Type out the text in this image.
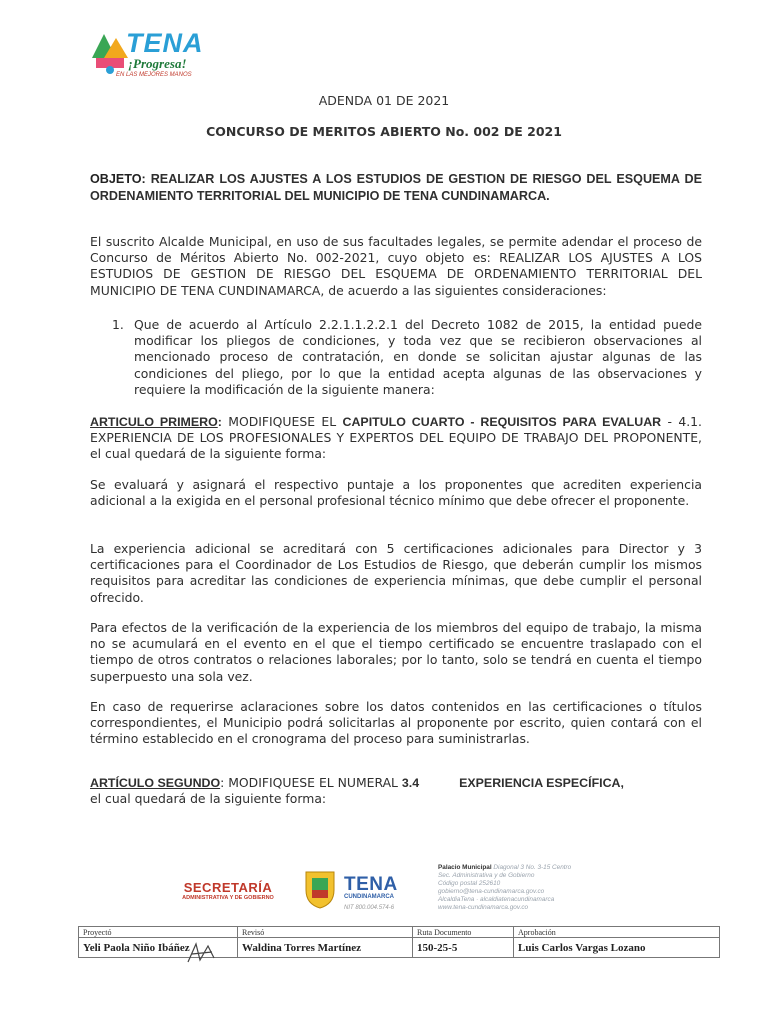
TENA
¡Progresa!
EN LAS MEJORES MANOS
ADENDA 01 DE 2021
CONCURSO DE MERITOS ABIERTO No. 002 DE 2021
OBJETO: REALIZAR LOS AJUSTES A LOS ESTUDIOS DE GESTION DE RIESGO DEL ESQUEMA DE ORDENAMIENTO TERRITORIAL DEL MUNICIPIO DE TENA CUNDINAMARCA.
El suscrito Alcalde Municipal, en uso de sus facultades legales, se permite adendar el proceso de Concurso de Méritos Abierto No. 002-2021, cuyo objeto es: REALIZAR LOS AJUSTES A LOS ESTUDIOS DE GESTION DE RIESGO DEL ESQUEMA DE ORDENAMIENTO TERRITORIAL DEL MUNICIPIO DE TENA CUNDINAMARCA, de acuerdo a las siguientes consideraciones:
1. Que de acuerdo al Artículo 2.2.1.1.2.2.1 del Decreto 1082 de 2015, la entidad puede modificar los pliegos de condiciones, y toda vez que se recibieron observaciones al mencionado proceso de contratación, en donde se solicitan ajustar algunas de las condiciones del pliego, por lo que la entidad acepta algunas de las observaciones y requiere la modificación de la siguiente manera:
ARTICULO PRIMERO: MODIFIQUESE EL CAPITULO CUARTO - REQUISITOS PARA EVALUAR - 4.1. EXPERIENCIA DE LOS PROFESIONALES Y EXPERTOS DEL EQUIPO DE TRABAJO DEL PROPONENTE, el cual quedará de la siguiente forma:
Se evaluará y asignará el respectivo puntaje a los proponentes que acrediten experiencia adicional a la exigida en el personal profesional técnico mínimo que debe ofrecer el proponente.
La experiencia adicional se acreditará con 5 certificaciones adicionales para Director y 3 certificaciones para el Coordinador de Los Estudios de Riesgo, que deberán cumplir los mismos requisitos para acreditar las condiciones de experiencia mínimas, que debe cumplir el personal ofrecido.
Para efectos de la verificación de la experiencia de los miembros del equipo de trabajo, la misma no se acumulará en el evento en el que el tiempo certificado se encuentre traslapado con el tiempo de otros contratos o relaciones laborales; por lo tanto, solo se tendrá en cuenta el tiempo superpuesto una sola vez.
En caso de requerirse aclaraciones sobre los datos contenidos en las certificaciones o títulos correspondientes, el Municipio podrá solicitarlas al proponente por escrito, quien contará con el término establecido en el cronograma del proceso para suministrarlas.
ARTÍCULO SEGUNDO: MODIFIQUESE EL NUMERAL 3.4	EXPERIENCIA ESPECÍFICA,
el cual quedará de la siguiente forma:
SECRETARÍA
ADMINISTRATIVA Y DE GOBIERNO
TENA
CUNDINAMARCA
NIT 800.004.574-6
Palacio Municipal Diagonal 3 No. 3-15 Centro
Sec. Administrativa y de Gobierno
Código postal 252610
gobierno@tena-cundinamarca.gov.co
AlcaldiaTena · alcaldiatenacundinamarca
www.tena-cundinamarca.gov.co
Proyectó	Revisó	Ruta Documento	Aprobación
Yeli Paola Niño Ibáñez	Waldina Torres Martínez	150-25-5	Luis Carlos Vargas Lozano
